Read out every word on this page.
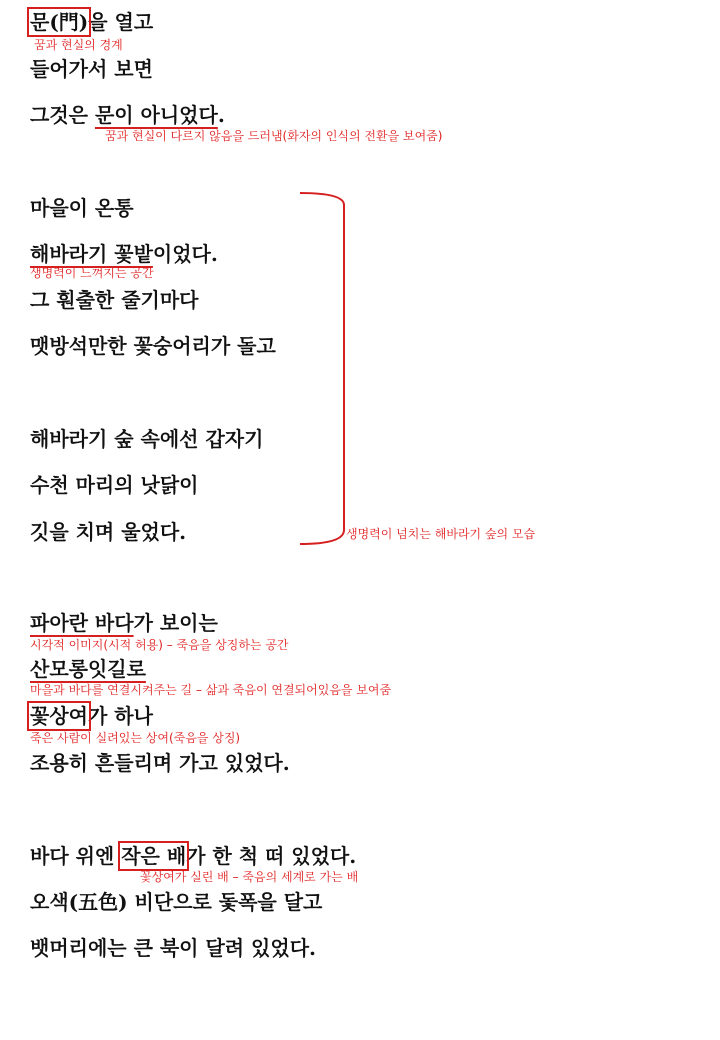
문(門)을 열고
꿈과 현실의 경계
들어가서 보면
그것은 문이 아니었다.
꿈과 현실이 다르지 않음을 드러냄(화자의 인식의 전환을 보여줌)
마을이 온통
해바라기 꽃밭이었다.
생명력이 느껴지는 공간
그 훤출한 줄기마다
맷방석만한 꽃숭어리가 돌고
해바라기 숲 속에선 갑자기
수천 마리의 낫닭이
깃을 치며 울었다.	생명력이 넘치는 해바라기 숲의 모습
파아란 바다가 보이는
시각적 이미지(시적 허용) – 죽음을 상징하는 공간
산모롱잇길로
마을과 바다를 연결시켜주는 길 – 삶과 죽음이 연결되어있음을 보여줌
꽃상여가 하나
죽은 사람이 실려있는 상여(죽음을 상징)
조용히 흔들리며 가고 있었다.
바다 위엔 작은 배가 한 척 떠 있었다.
꽃상여가 실린 배 – 죽음의 세계로 가는 배
오색(五色) 비단으로 돛폭을 달고
뱃머리에는 큰 북이 달려 있었다.
